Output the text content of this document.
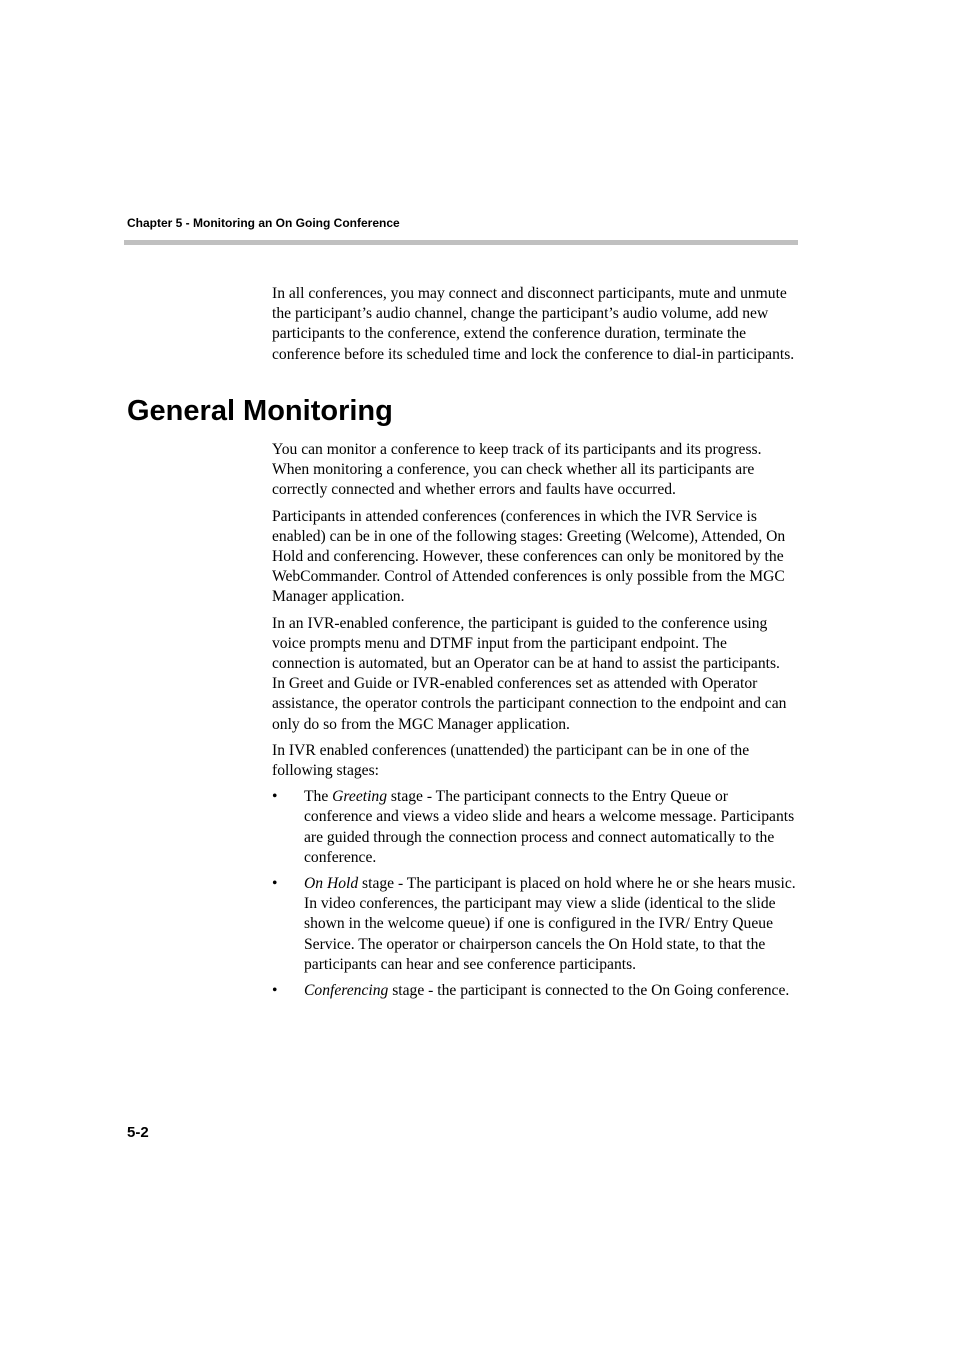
Chapter 5 - Monitoring an On Going Conference

In all conferences, you may connect and disconnect participants, mute and unmute the participant’s audio channel, change the participant’s audio volume, add new participants to the conference, extend the conference duration, terminate the conference before its scheduled time and lock the conference to dial-in participants.

General Monitoring

You can monitor a conference to keep track of its participants and its progress. When monitoring a conference, you can check whether all its participants are correctly connected and whether errors and faults have occurred.

Participants in attended conferences (conferences in which the IVR Service is enabled) can be in one of the following stages: Greeting (Welcome), Attended, On Hold and conferencing. However, these conferences can only be monitored by the WebCommander. Control of Attended conferences is only possible from the MGC Manager application.

In an IVR-enabled conference, the participant is guided to the conference using voice prompts menu and DTMF input from the participant endpoint. The connection is automated, but an Operator can be at hand to assist the participants. In Greet and Guide or IVR-enabled conferences set as attended with Operator assistance, the operator controls the participant connection to the endpoint and can only do so from the MGC Manager application.

In IVR enabled conferences (unattended) the participant can be in one of the following stages:

• The Greeting stage - The participant connects to the Entry Queue or conference and views a video slide and hears a welcome message. Participants are guided through the connection process and connect automatically to the conference.
• On Hold stage - The participant is placed on hold where he or she hears music. In video conferences, the participant may view a slide (identical to the slide shown in the welcome queue) if one is configured in the IVR/ Entry Queue Service. The operator or chairperson cancels the On Hold state, to that the participants can hear and see conference participants.
• Conferencing stage - the participant is connected to the On Going conference.
5-2
